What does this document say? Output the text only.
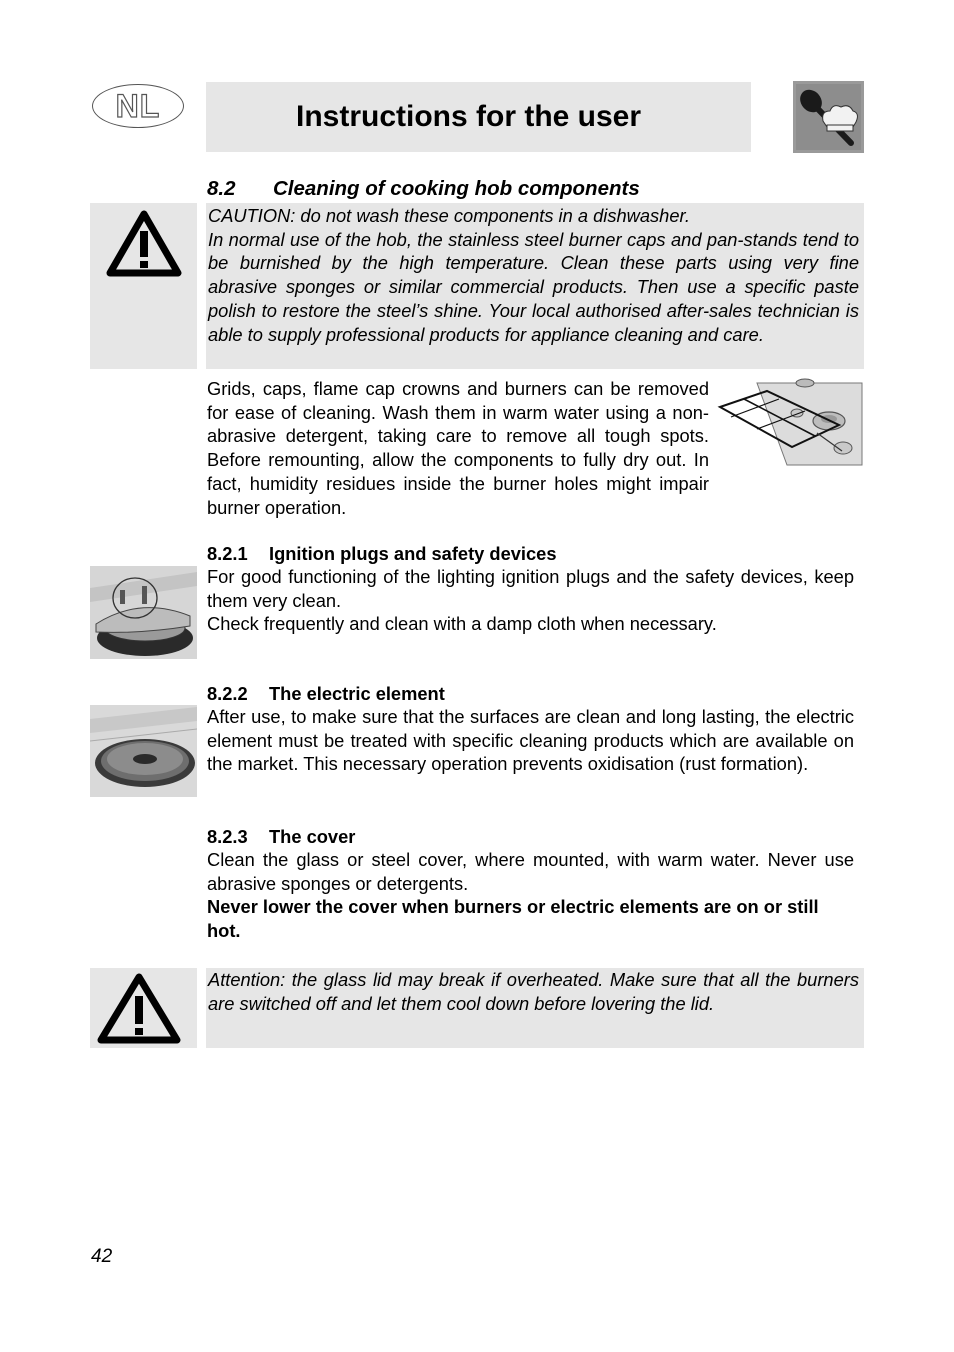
NL	Instructions for the user
8.2 Cleaning of cooking hob components

CAUTION: do not wash these components in a dishwasher.

In normal use of the hob, the stainless steel burner caps and pan-stands tend to be burnished by the high temperature. Clean these parts using very fine abrasive sponges or similar commercial products. Then use a specific paste polish to restore the steel’s shine. Your local authorised after-sales technician is able to supply professional products for appliance cleaning and care.

Grids, caps, flame cap crowns and burners can be removed for ease of cleaning. Wash them in warm water using a non-abrasive detergent, taking care to remove all tough spots. Before remounting, allow the components to fully dry out. In fact, humidity residues inside the burner holes might impair burner operation.

8.2.1 Ignition plugs and safety devices

For good functioning of the lighting ignition plugs and the safety devices, keep them very clean.

Check frequently and clean with a damp cloth when necessary.

8.2.2 The electric element

After use, to make sure that the surfaces are clean and long lasting, the electric element must be treated with specific cleaning products which are available on the market. This necessary operation prevents oxidisation (rust formation).

8.2.3 The cover

Clean the glass or steel cover, where mounted, with warm water. Never use abrasive sponges or detergents.

Never lower the cover when burners or electric elements are on or still hot.

Attention: the glass lid may break if overheated. Make sure that all the burners are switched off and let them cool down before lovering the lid.

42
